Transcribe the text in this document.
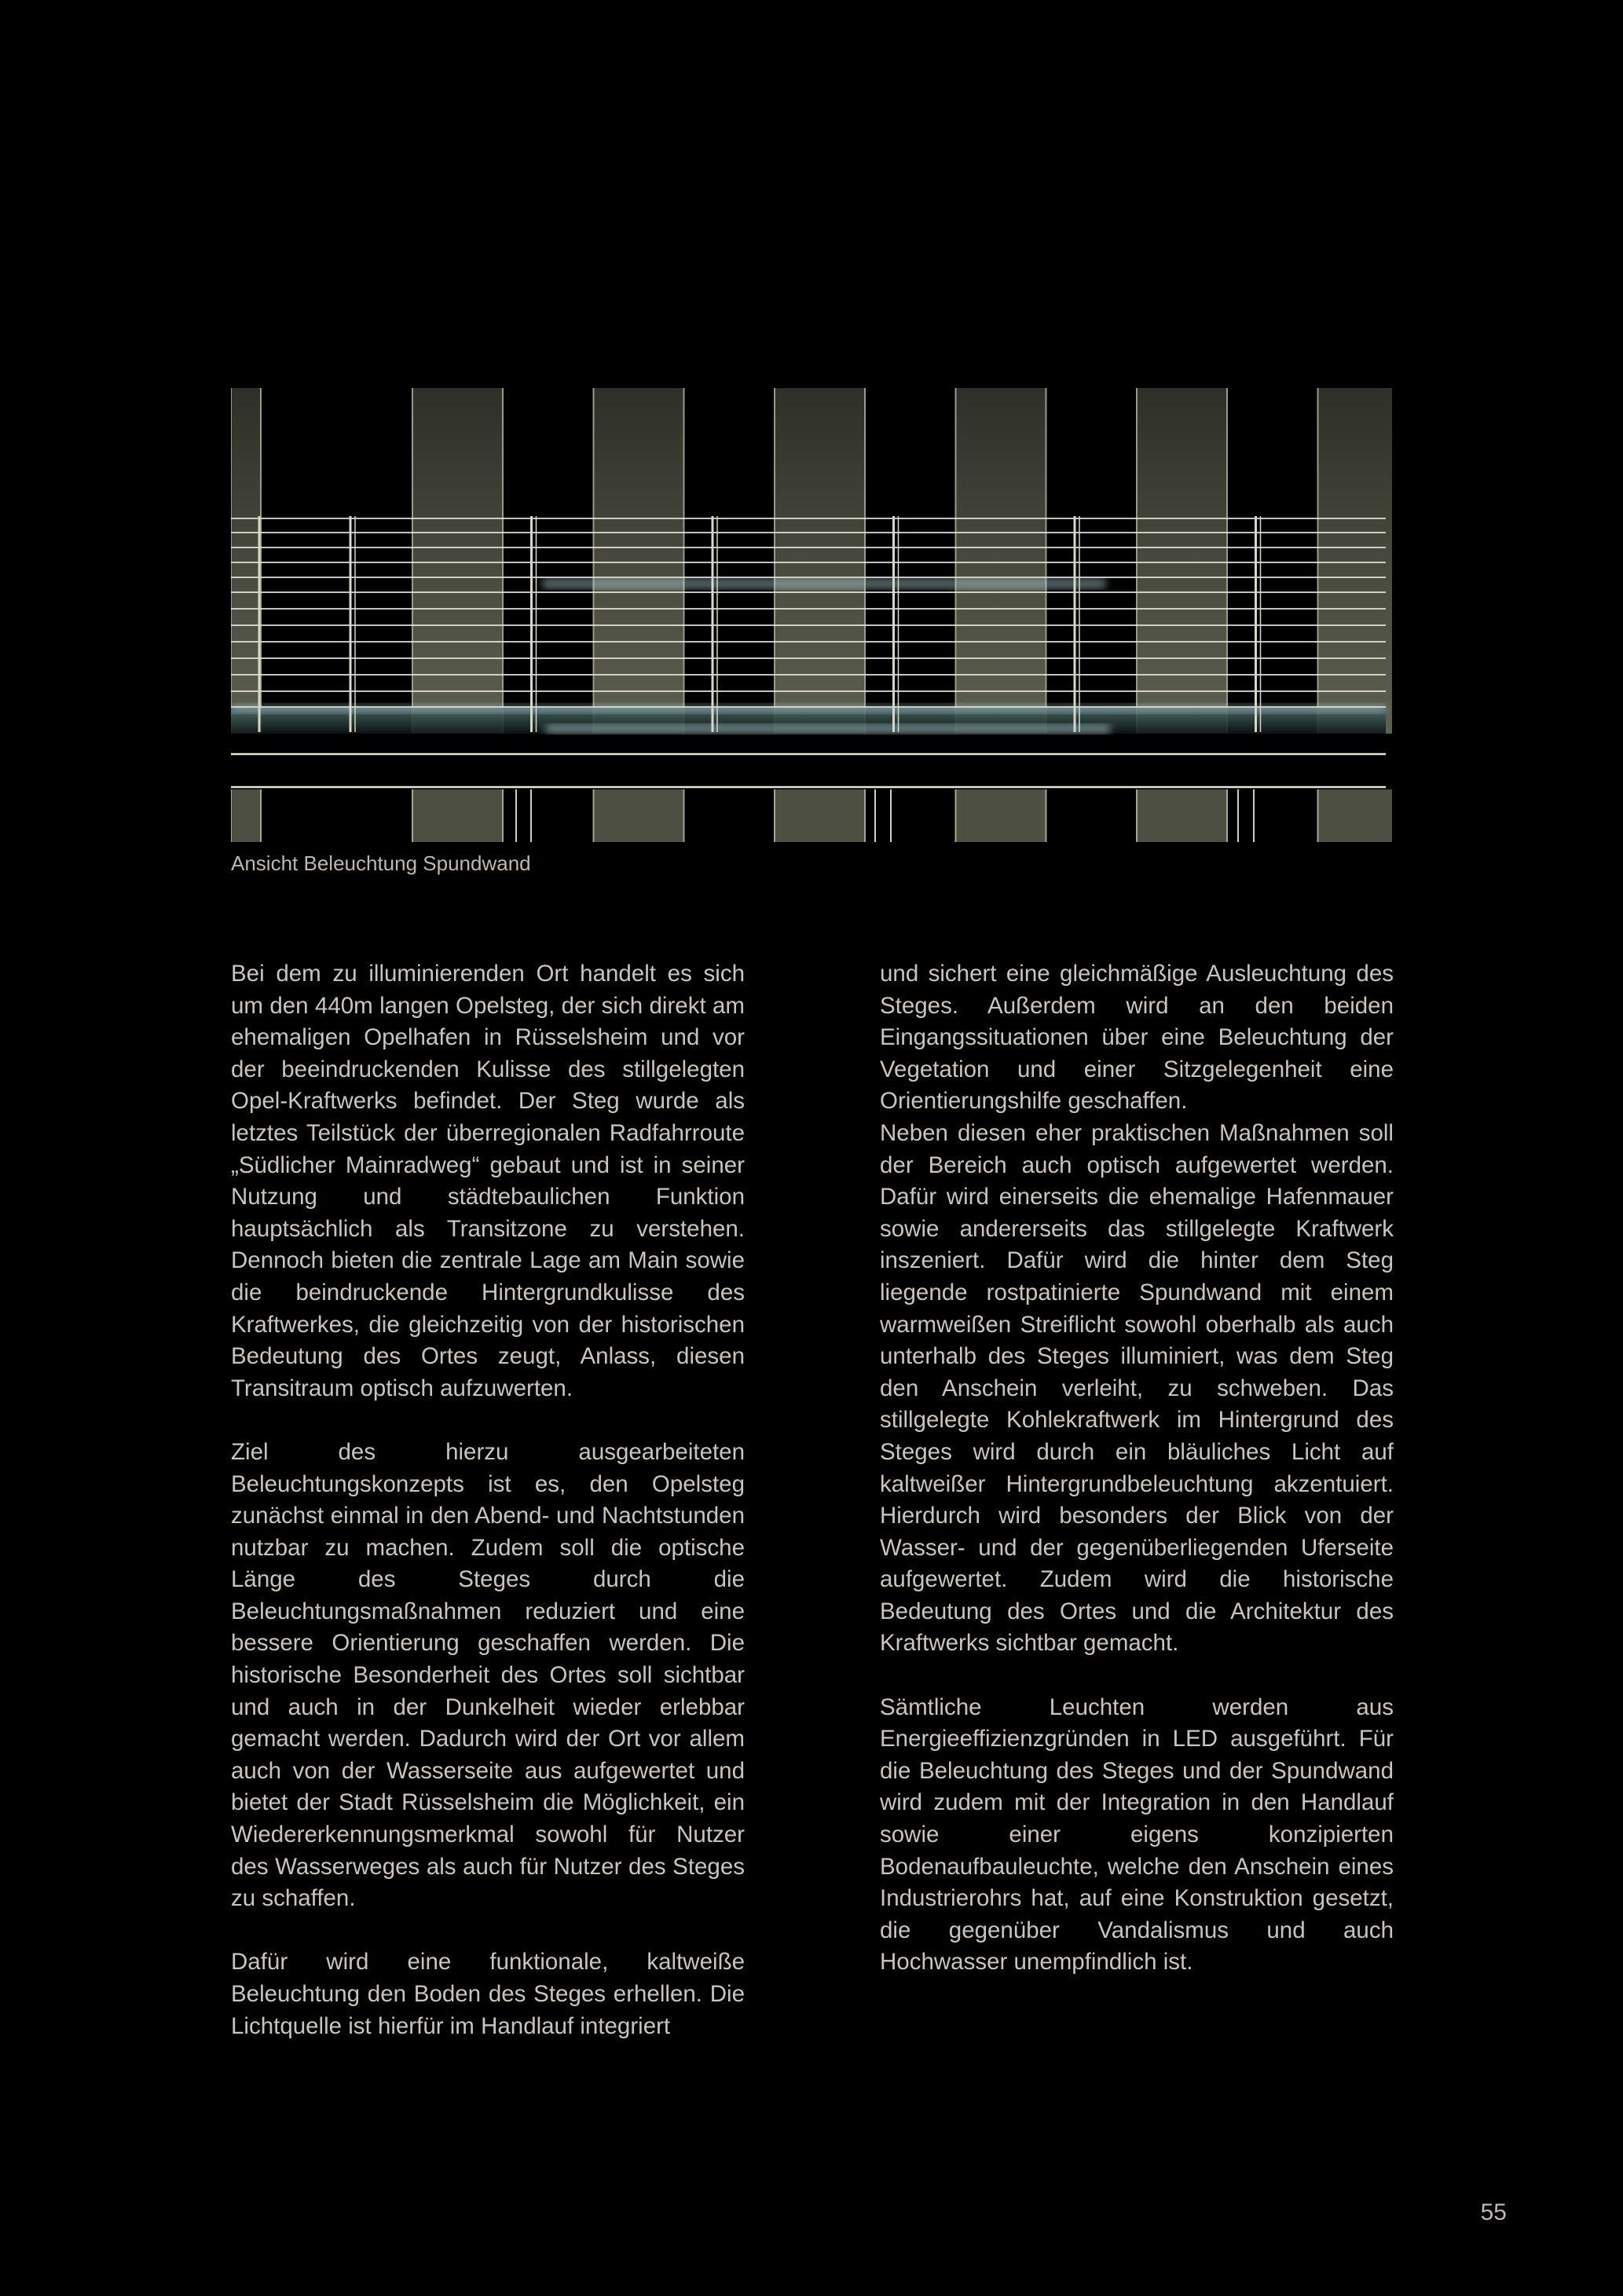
Ansicht Beleuchtung Spundwand

Bei dem zu illuminierenden Ort handelt es sich um den 440m langen Opelsteg, der sich direkt am ehemaligen Opelhafen in Rüsselsheim und vor der beeindruckenden Kulisse des stillgelegten Opel-Kraftwerks befindet. Der Steg wurde als letztes Teilstück der überregionalen Radfahrroute „Südlicher Mainradweg“ gebaut und ist in seiner Nutzung und städtebaulichen Funktion hauptsächlich als Transitzone zu verstehen. Dennoch bieten die zentrale Lage am Main sowie die beindruckende Hintergrundkulisse des Kraftwerkes, die gleichzeitig von der historischen Bedeutung des Ortes zeugt, Anlass, diesen Transitraum optisch aufzuwerten.

Ziel des hierzu ausgearbeiteten Beleuchtungskonzepts ist es, den Opelsteg zunächst einmal in den Abend- und Nachtstunden nutzbar zu machen. Zudem soll die optische Länge des Steges durch die Beleuchtungsmaßnahmen reduziert und eine bessere Orientierung geschaffen werden. Die historische Besonderheit des Ortes soll sichtbar und auch in der Dunkelheit wieder erlebbar gemacht werden. Dadurch wird der Ort vor allem auch von der Wasserseite aus aufgewertet und bietet der Stadt Rüsselsheim die Möglichkeit, ein Wiedererkennungsmerkmal sowohl für Nutzer des Wasserweges als auch für Nutzer des Steges zu schaffen.

Dafür wird eine funktionale, kaltweiße Beleuchtung den Boden des Steges erhellen. Die Lichtquelle ist hierfür im Handlauf integriert

und sichert eine gleichmäßige Ausleuchtung des Steges. Außerdem wird an den beiden Eingangssituationen über eine Beleuchtung der Vegetation und einer Sitzgelegenheit eine Orientierungshilfe geschaffen.

Neben diesen eher praktischen Maßnahmen soll der Bereich auch optisch aufgewertet werden. Dafür wird einerseits die ehemalige Hafenmauer sowie andererseits das stillgelegte Kraftwerk inszeniert. Dafür wird die hinter dem Steg liegende rostpatinierte Spundwand mit einem warmweißen Streiflicht sowohl oberhalb als auch unterhalb des Steges illuminiert, was dem Steg den Anschein verleiht, zu schweben. Das stillgelegte Kohlekraftwerk im Hintergrund des Steges wird durch ein bläuliches Licht auf kaltweißer Hintergrundbeleuchtung akzentuiert. Hierdurch wird besonders der Blick von der Wasser- und der gegenüberliegenden Uferseite aufgewertet. Zudem wird die historische Bedeutung des Ortes und die Architektur des Kraftwerks sichtbar gemacht.

Sämtliche Leuchten werden aus Energieeffizienzgründen in LED ausgeführt. Für die Beleuchtung des Steges und der Spundwand wird zudem mit der Integration in den Handlauf sowie einer eigens konzipierten Bodenaufbauleuchte, welche den Anschein eines Industrierohrs hat, auf eine Konstruktion gesetzt, die gegenüber Vandalismus und auch Hochwasser unempfindlich ist.

55
